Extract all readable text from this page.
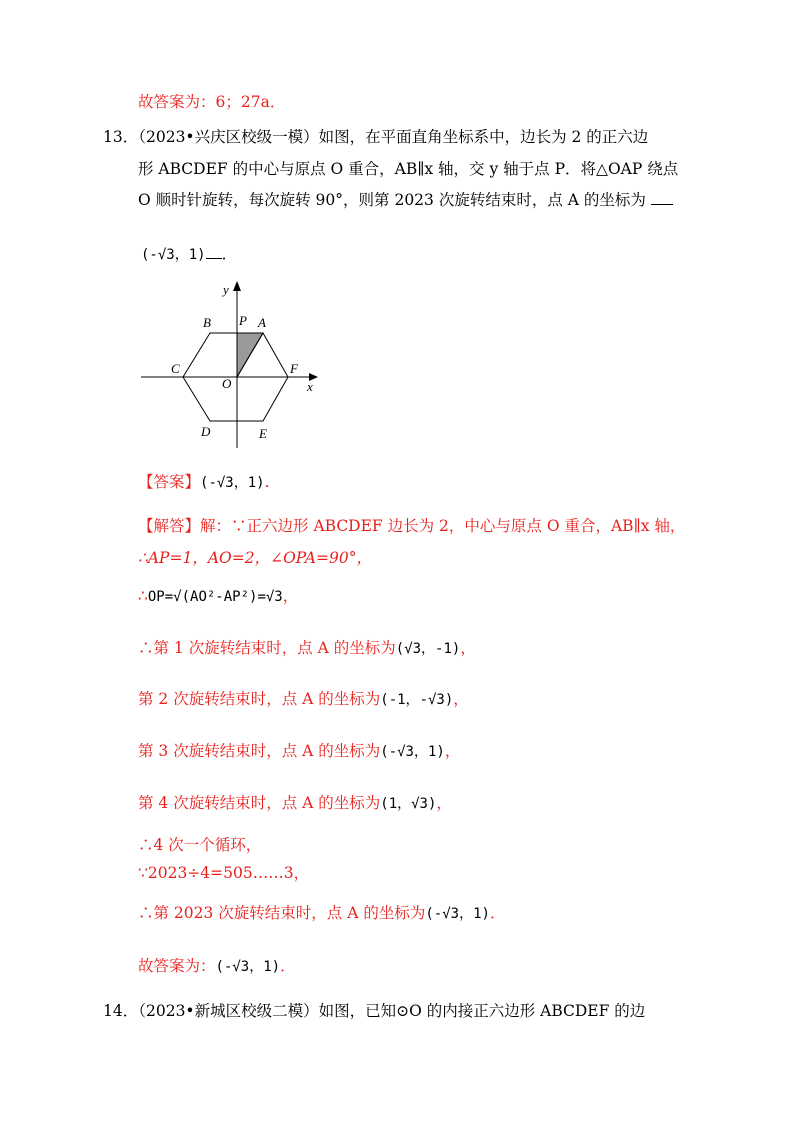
故答案为：6；27a．
13．（2023•兴庆区校级一模）如图，在平面直角坐标系中，边长为 2 的正六边
形 ABCDEF 的中心与原点 O 重合，AB∥x 轴，交 y 轴于点 P．将△OAP 绕点
O 顺时针旋转，每次旋转 90°，则第 2023 次旋转结束时，点 A 的坐标为
(-√3，1) ．
y
x
B P A
C
O
F
D	E
【答案】(-√3，1).
【解答】解：∵正六边形 ABCDEF 边长为 2，中心与原点 O 重合，AB∥x 轴，
∴AP=1，AO=2，∠OPA=90°，
∴OP=√(AO²-AP²)=√3，
∴第 1 次旋转结束时，点 A 的坐标为(√3，-1)，
第 2 次旋转结束时，点 A 的坐标为(-1，-√3)，
第 3 次旋转结束时，点 A 的坐标为(-√3，1)，
第 4 次旋转结束时，点 A 的坐标为(1，√3)，
∴4 次一个循环，
∵2023÷4=505……3，
∴第 2023 次旋转结束时，点 A 的坐标为(-√3，1)．
故答案为：(-√3，1)．
14．（2023•新城区校级二模）如图，已知⊙O 的内接正六边形 ABCDEF 的边
